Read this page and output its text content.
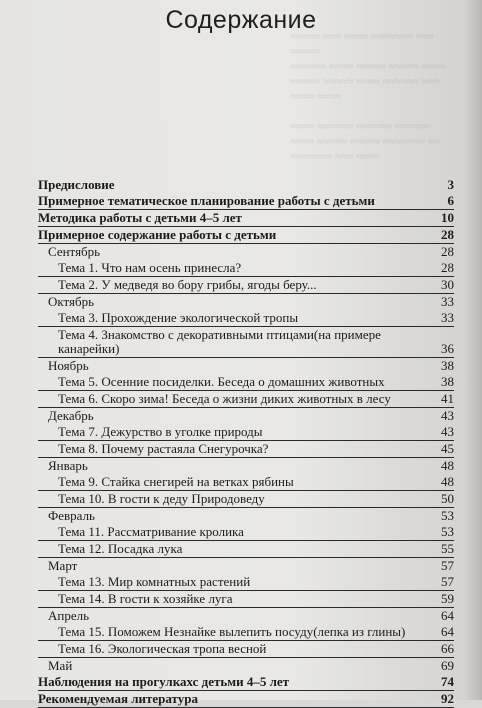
≈≈≈≈≈ ≈≈≈ ≈≈≈≈ ≈≈≈≈≈≈≈ ≈≈≈ ≈≈≈≈≈
≈≈≈≈≈≈ ≈≈≈≈ ≈≈≈≈≈ ≈≈≈≈≈ ≈≈≈≈
≈≈≈≈≈ ≈≈≈≈≈ ≈≈≈≈ ≈≈≈≈≈≈ ≈≈≈
≈≈≈≈ ≈≈≈≈

≈≈≈≈ ≈≈≈≈≈≈ ≈≈≈≈≈≈ ≈≈≈≈≈≈
≈≈≈≈ ≈≈≈≈≈ ≈≈≈≈≈ ≈≈≈≈≈≈≈ ≈≈
≈≈≈≈≈≈≈ ≈≈≈ ≈≈≈≈
Содержание
Предисловие	3
Примерное тематическое планирование работы с детьми	6
Методика работы с детьми 4–5 лет	10
Примерное содержание работы с детьми	28
Сентябрь	28
Тема 1. Что нам осень принесла?	28
Тема 2. У медведя во бору грибы, ягоды беру...	30
Октябрь	33
Тема 3. Прохождение экологической тропы	33
Тема 4. Знакомство с декоративными птицами(на примере канарейки)	36
Ноябрь	38
Тема 5. Осенние посиделки. Беседа о домашних животных	38
Тема 6. Скоро зима! Беседа о жизни диких животных в лесу	41
Декабрь	43
Тема 7. Дежурство в уголке природы	43
Тема 8. Почему растаяла Снегурочка?	45
Январь	48
Тема 9. Стайка снегирей на ветках рябины	48
Тема 10. В гости к деду Природоведу	50
Февраль	53
Тема 11. Рассматривание кролика	53
Тема 12. Посадка лука	55
Март	57
Тема 13. Мир комнатных растений	57
Тема 14. В гости к хозяйке луга	59
Апрель	64
Тема 15. Поможем Незнайке вылепить посуду(лепка из глины)	64
Тема 16. Экологическая тропа весной	66
Май	69
Наблюдения на прогулкахс детьми 4–5 лет	74
Рекомендуемая литература	92
